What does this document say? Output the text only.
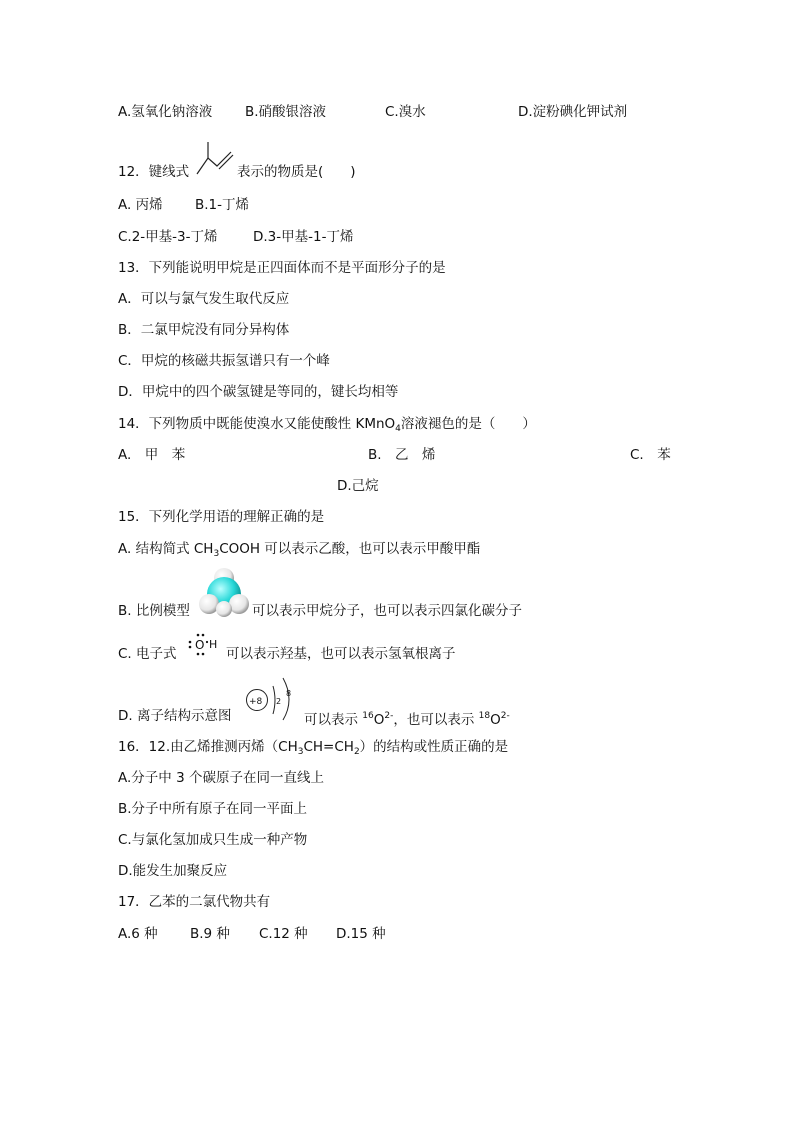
A.氢氧化钠溶液 B.硝酸银溶液	C.溴水	D.淀粉碘化钾试剂
12．键线式	表示的物质是(　　)
A. 丙烯 B.1-丁烯
C.2-甲基-3-丁烯	D.3-甲基-1-丁烯
13．下列能说明甲烷是正四面体而不是平面形分子的是
A．可以与氯气发生取代反应
B．二氯甲烷没有同分异构体
C．甲烷的核磁共振氢谱只有一个峰
D．甲烷中的四个碳氢键是等同的，键长均相等
14．下列物质中既能使溴水又能使酸性 KMnO$_4$溶液褪色的是（　　）
A.　甲　苯	B.　乙　烯	C.　苯
D.己烷
15．下列化学用语的理解正确的是
A. 结构简式 $CH_3COOH$ 可以表示乙酸，也可以表示甲酸甲酯
B. 比例模型	可以表示甲烷分子，也可以表示四氯化碳分子
C. 电子式
O H
可以表示羟基，也可以表示氢氧根离子
D. 离子结构示意图
+8 2
8
可以表示 $^{16}O^{2-}$，也可以表示 $^{18}O^{2-}$
16．12.由乙烯推测丙烯$(CH_3CH=CH_2)$的结构或性质正确的是
A.分子中 3 个碳原子在同一直线上
B.分子中所有原子在同一平面上
C.与氯化氢加成只生成一种产物
D.能发生加聚反应
17．乙苯的二氯代物共有
A.6 种 B.9 种 C.12 种 D.15 种
